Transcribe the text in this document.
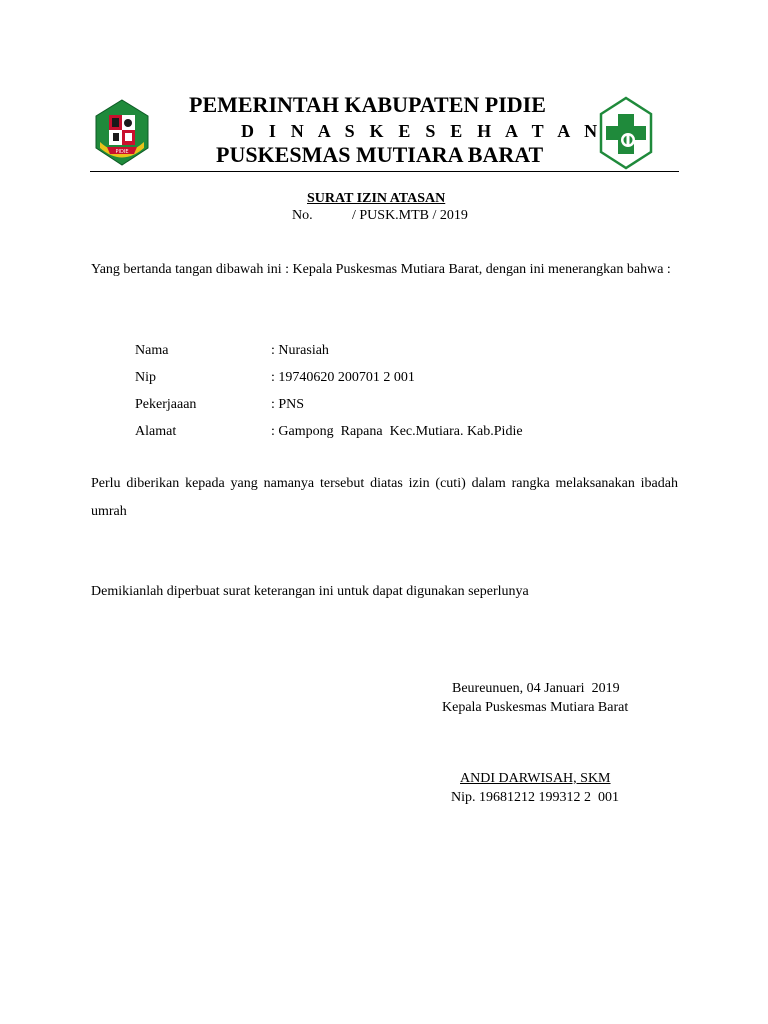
PIDIE
PEMERINTAH KABUPATEN PIDIE
D I N A S K E S E H A T A N
PUSKESMAS MUTIARA BARAT
SURAT IZIN ATASAN
No.	/ PUSK.MTB / 2019
Yang bertanda tangan dibawah ini : Kepala Puskesmas Mutiara Barat, dengan ini menerangkan bahwa :
Nama	: Nurasiah
Nip	: 19740620 200701 2 001
Pekerjaaan	: PNS
Alamat	: Gampong  Rapana  Kec.Mutiara. Kab.Pidie
Perlu diberikan kepada yang namanya tersebut diatas izin (cuti) dalam rangka melaksanakan ibadah umrah
Demikianlah diperbuat surat keterangan ini untuk dapat digunakan seperlunya
Beureunuen, 04 Januari  2019
Kepala Puskesmas Mutiara Barat
ANDI DARWISAH, SKM
Nip. 19681212 199312 2  001
